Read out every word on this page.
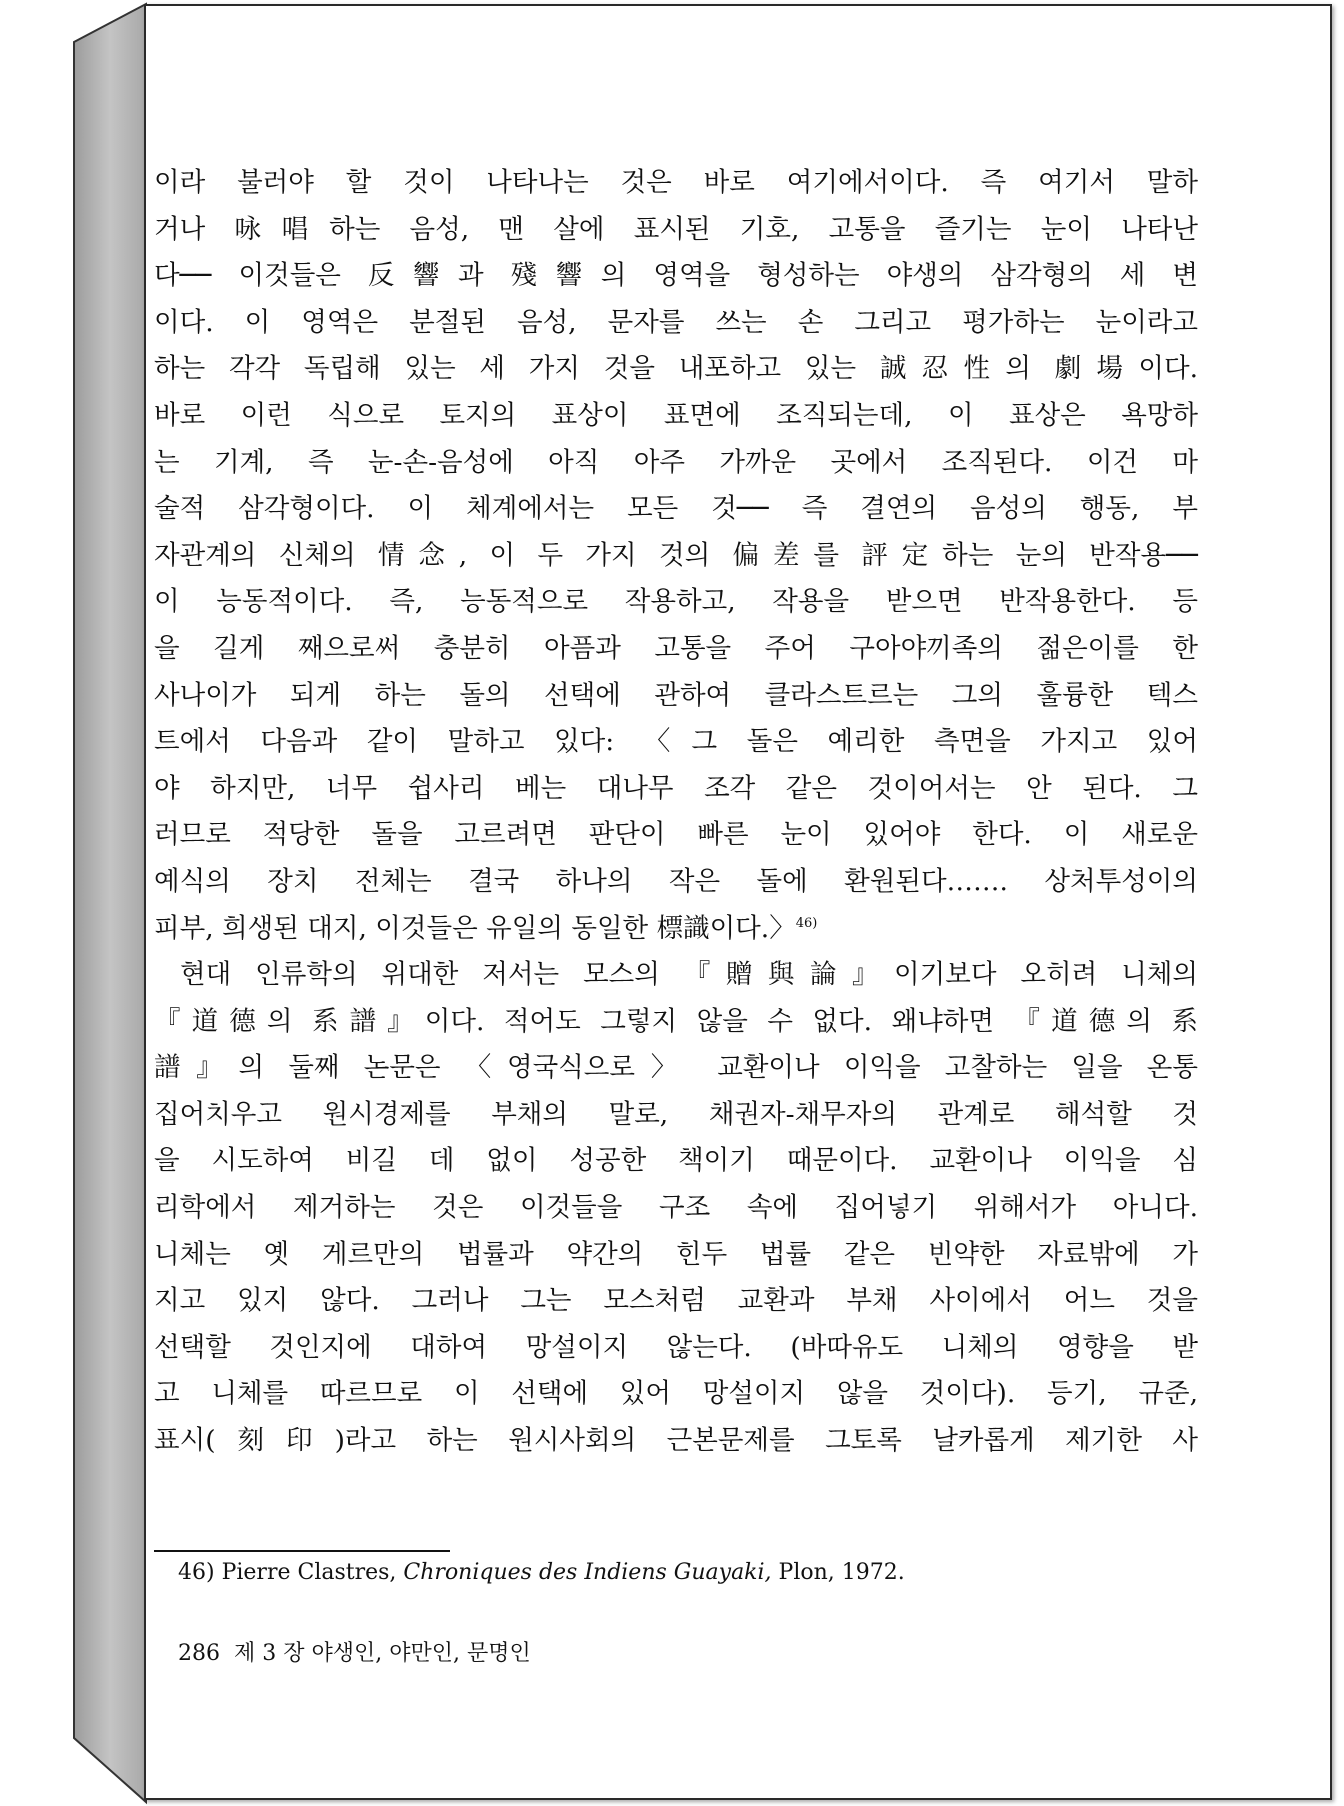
이라 불러야 할 것이 나타나는 것은 바로 여기에서이다. 즉 여기서 말하
거나 咏唱하는 음성, 맨 살에 표시된 기호, 고통을 즐기는 눈이 나타난
다── 이것들은 反響과 殘響의 영역을 형성하는 야생의 삼각형의 세 변
이다. 이 영역은 분절된 음성, 문자를 쓰는 손 그리고 평가하는 눈이라고
하는 각각 독립해 있는 세 가지 것을 내포하고 있는 誠忍性의 劇場이다.
바로 이런 식으로 토지의 표상이 표면에 조직되는데, 이 표상은 욕망하
는 기계, 즉 눈-손-음성에 아직 아주 가까운 곳에서 조직된다. 이건 마
술적 삼각형이다. 이 체계에서는 모든 것── 즉 결연의 음성의 행동, 부
자관계의 신체의 情念, 이 두 가지 것의 偏差를 評定하는 눈의 반작용──
이 능동적이다. 즉, 능동적으로 작용하고, 작용을 받으면 반작용한다. 등
을 길게 째으로써 충분히 아픔과 고통을 주어 구아야끼족의 젊은이를 한
사나이가 되게 하는 돌의 선택에 관하여 클라스트르는 그의 훌륭한 텍스
트에서 다음과 같이 말하고 있다: 〈그 돌은 예리한 측면을 가지고 있어
야 하지만, 너무 쉽사리 베는 대나무 조각 같은 것이어서는 안 된다. 그
러므로 적당한 돌을 고르려면 판단이 빠른 눈이 있어야 한다. 이 새로운
예식의 장치 전체는 결국 하나의 작은 돌에 환원된다……. 상처투성이의
피부, 희생된 대지, 이것들은 유일의 동일한 標識이다.〉$^{46)}$
현대 인류학의 위대한 저서는 모스의 『贈與論』이기보다 오히려 니체의
『道德의 系譜』이다. 적어도 그렇지 않을 수 없다. 왜냐하면 『道德의 系
譜』의 둘째 논문은 〈영국식으로〉 교환이나 이익을 고찰하는 일을 온통
집어치우고 원시경제를 부채의 말로, 채권자-채무자의 관계로 해석할 것
을 시도하여 비길 데 없이 성공한 책이기 때문이다. 교환이나 이익을 심
리학에서 제거하는 것은 이것들을 구조 속에 집어넣기 위해서가 아니다.
니체는 옛 게르만의 법률과 약간의 힌두 법률 같은 빈약한 자료밖에 가
지고 있지 않다. 그러나 그는 모스처럼 교환과 부채 사이에서 어느 것을
선택할 것인지에 대하여 망설이지 않는다. (바따유도 니체의 영향을 받
고 니체를 따르므로 이 선택에 있어 망설이지 않을 것이다). 등기, 규준,
표시(刻印)라고 하는 원시사회의 근본문제를 그토록 날카롭게 제기한 사
46) Pierre Clastres, Chroniques des Indiens Guayaki, Plon, 1972.
286 제 3 장 야생인, 야만인, 문명인
